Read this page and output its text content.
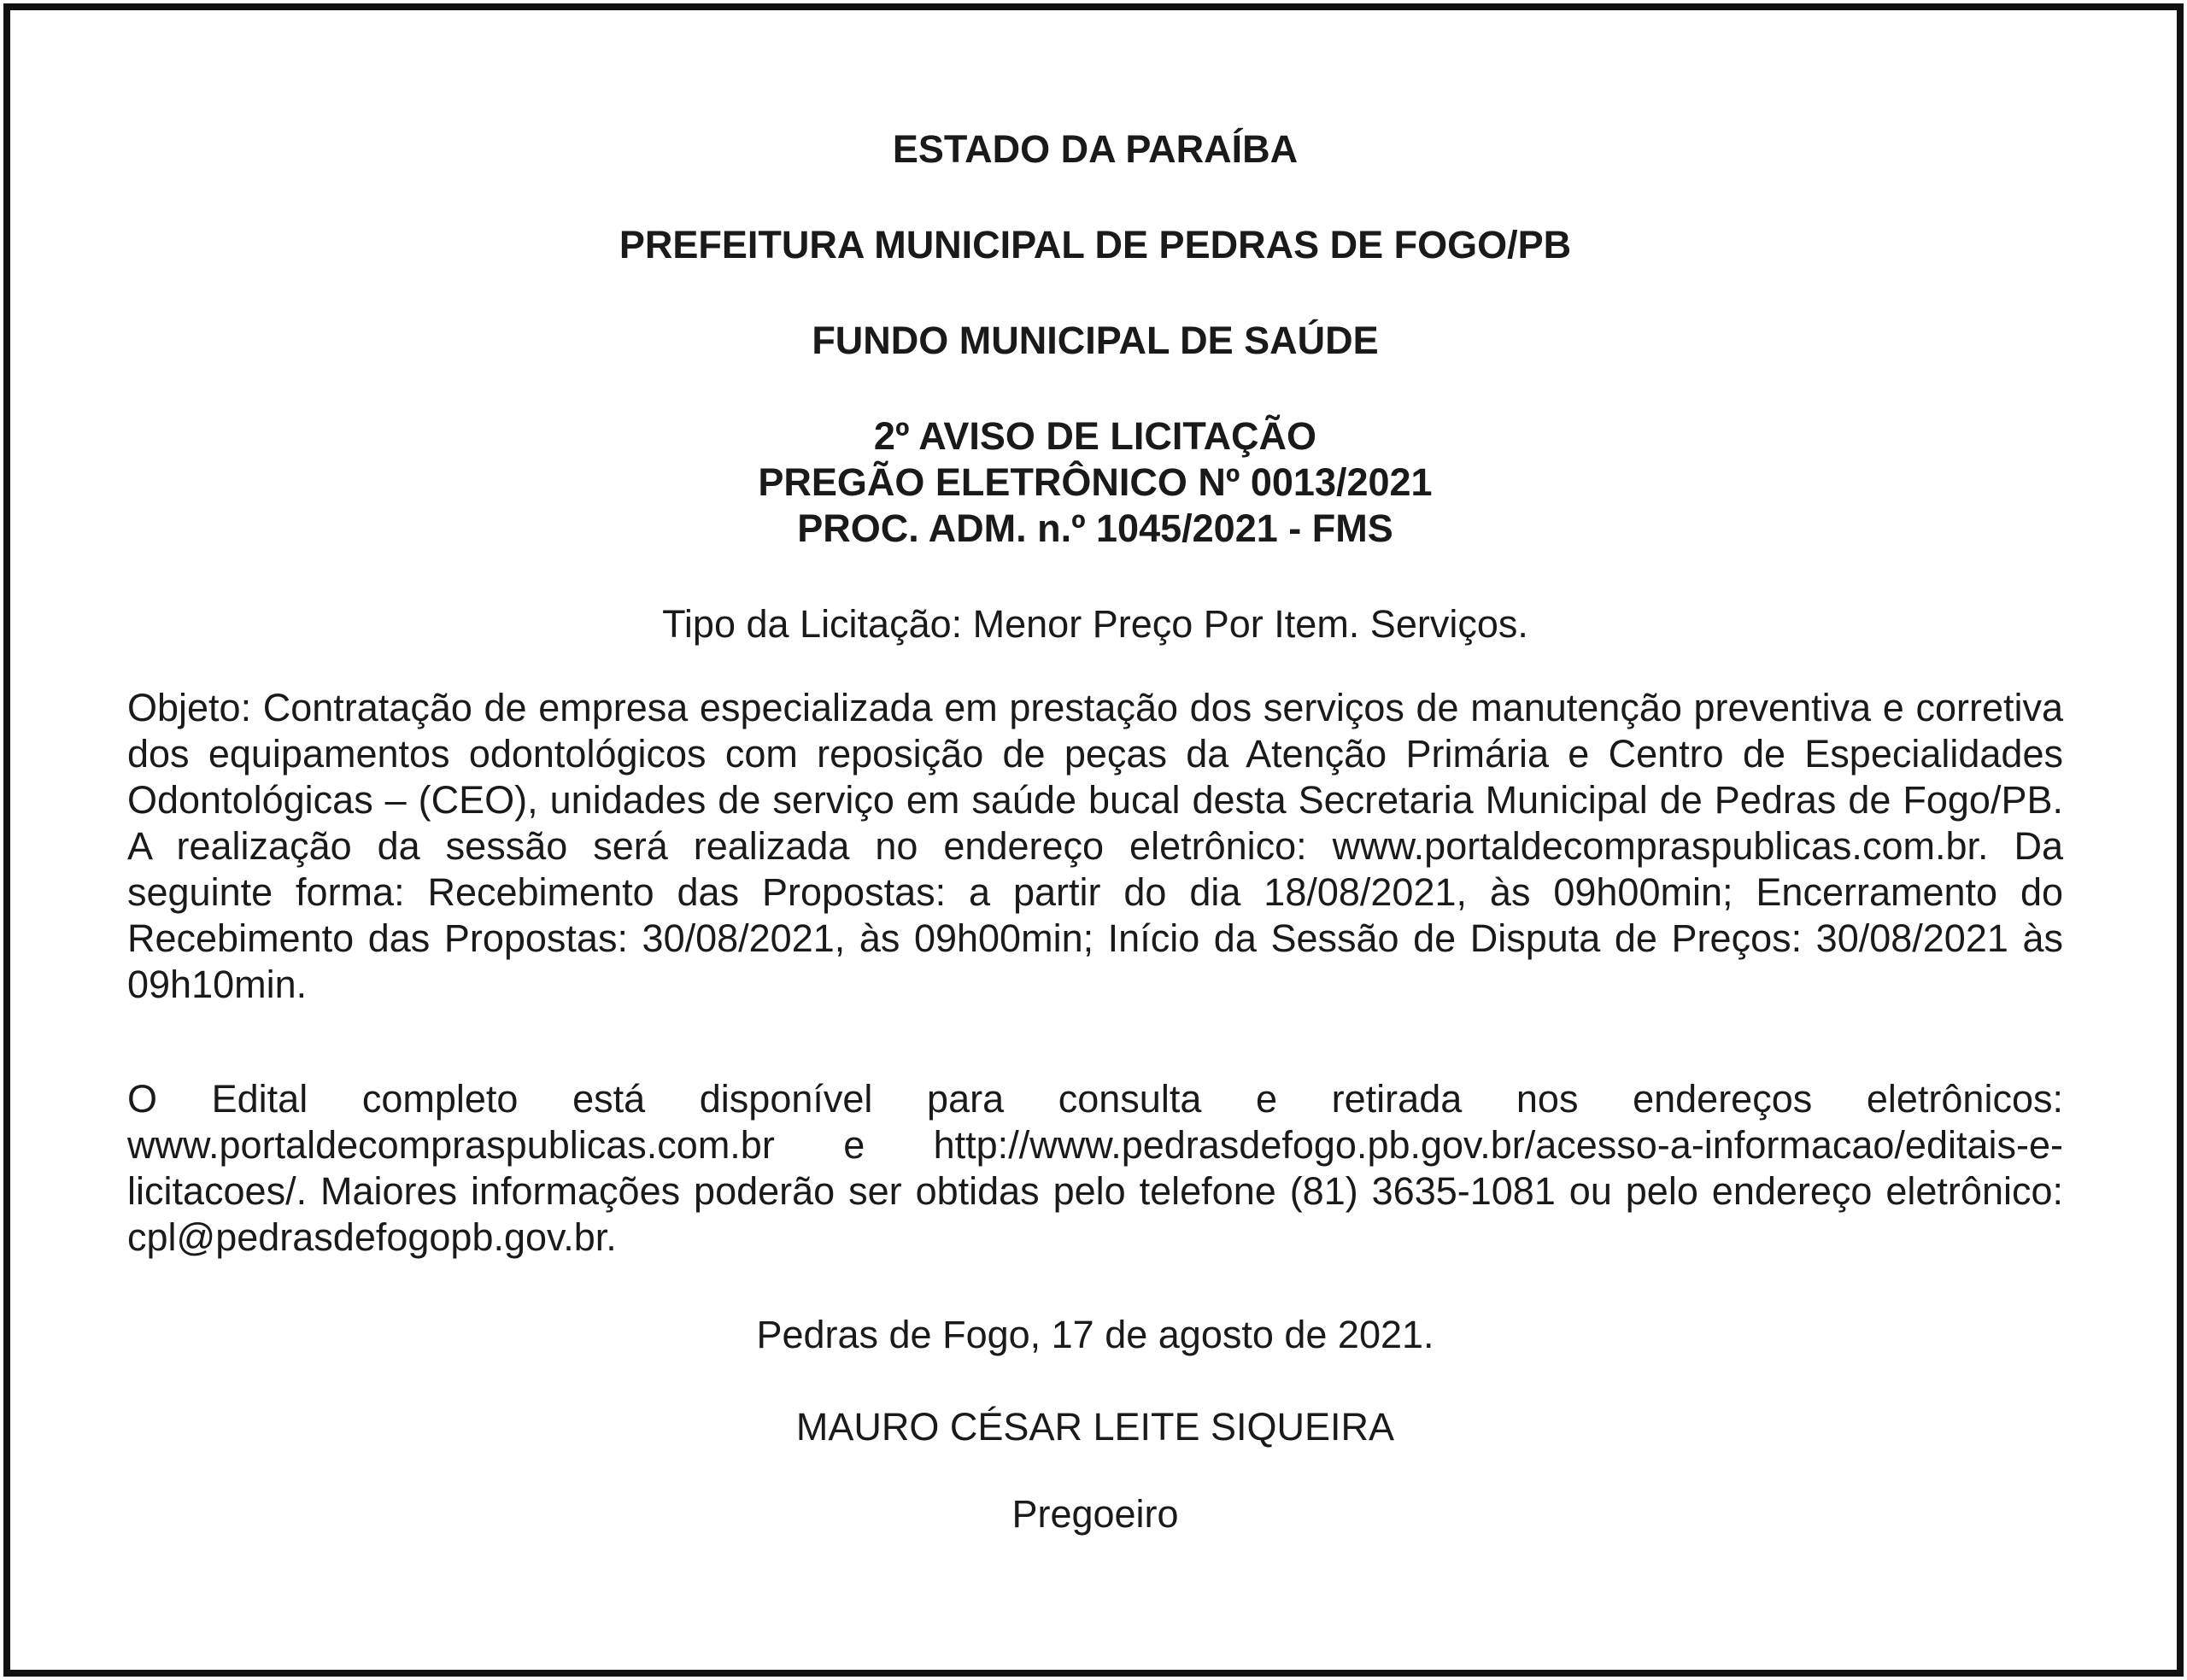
ESTADO DA PARAÍBA

PREFEITURA MUNICIPAL DE PEDRAS DE FOGO/PB

FUNDO MUNICIPAL DE SAÚDE

2º AVISO DE LICITAÇÃO

PREGÃO ELETRÔNICO Nº 0013/2021

PROC. ADM. n.º 1045/2021 - FMS

Tipo da Licitação: Menor Preço Por Item. Serviços.

Objeto: Contratação de empresa especializada em prestação dos serviços de manutenção preventiva e corretiva dos equipamentos odontológicos com reposição de peças da Atenção Primária e Centro de Especialidades Odontológicas – (CEO), unidades de serviço em saúde bucal desta Secretaria Municipal de Pedras de Fogo/PB. A realização da sessão será realizada no endereço eletrônico: www.portaldecompraspublicas.com.br. Da seguinte forma: Recebimento das Propostas: a partir do dia 18/08/2021, às 09h00min; Encerramento do Recebimento das Propostas: 30/08/2021, às 09h00min; Início da Sessão de Disputa de Preços: 30/08/2021 às 09h10min.

O Edital completo está disponível para consulta e retirada nos endereços eletrônicos: www.portaldecompraspublicas.com.br e http://www.pedrasdefogo.pb.gov.br/acesso-a-informacao/editais-e-licitacoes/. Maiores informações poderão ser obtidas pelo telefone (81) 3635-1081 ou pelo endereço eletrônico: cpl@pedrasdefogopb.gov.br.

Pedras de Fogo, 17 de agosto de 2021.

MAURO CÉSAR LEITE SIQUEIRA

Pregoeiro
